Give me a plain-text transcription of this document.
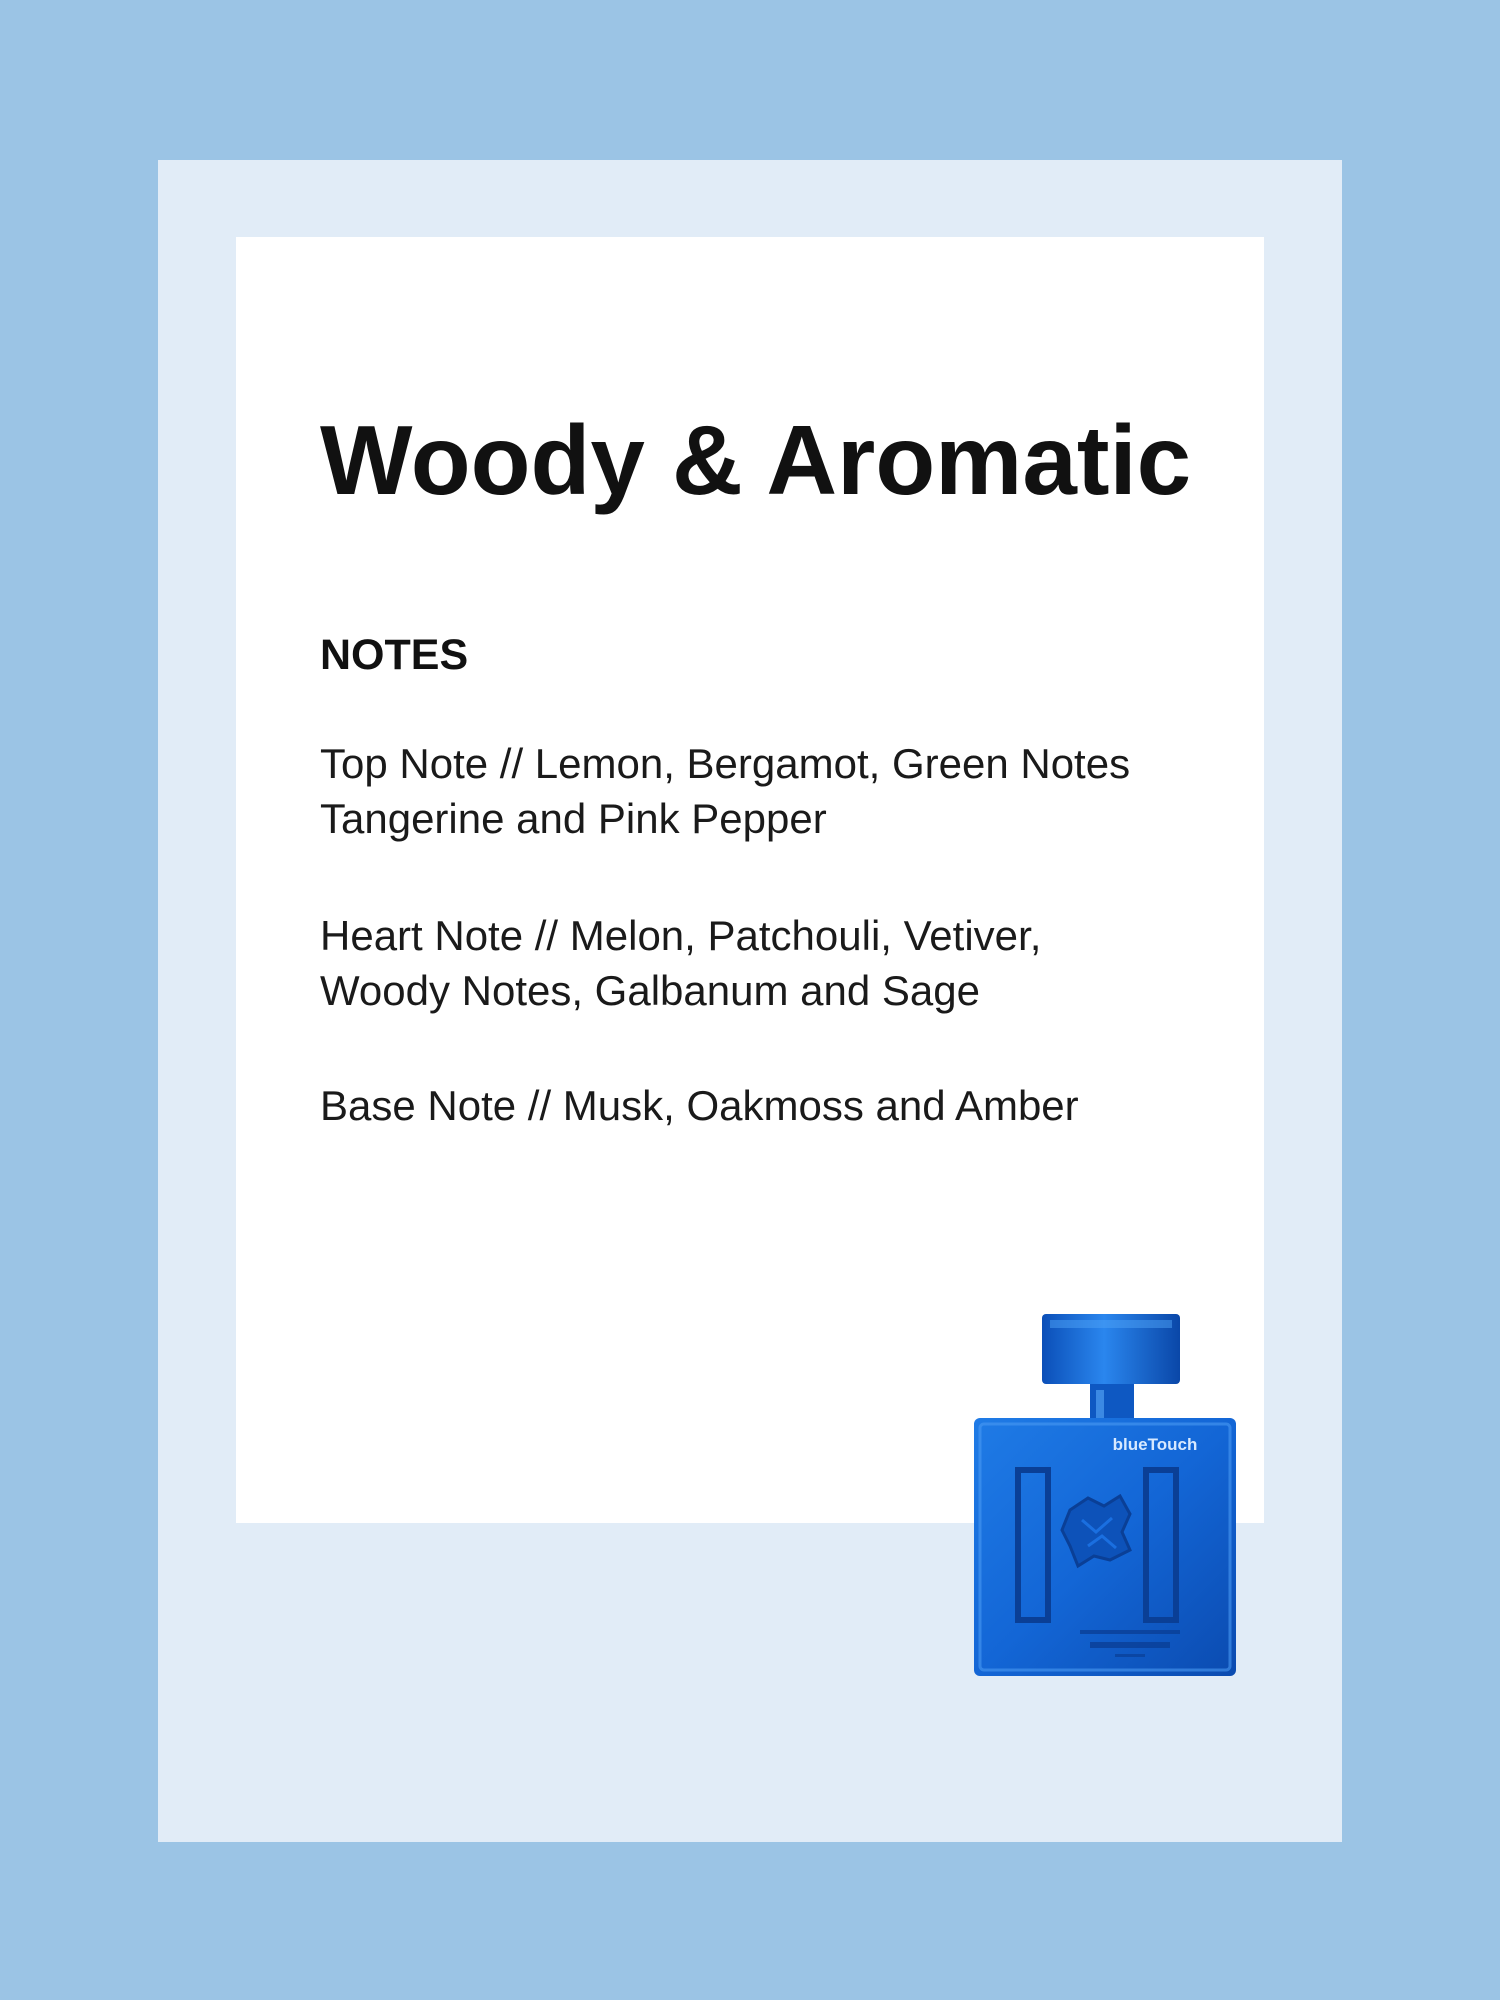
Woody & Aromatic
NOTES
Top Note // Lemon, Bergamot, Green Notes
Tangerine and Pink Pepper
Heart Note // Melon, Patchouli, Vetiver,
Woody Notes, Galbanum and Sage
Base Note // Musk, Oakmoss and Amber
blueTouch
